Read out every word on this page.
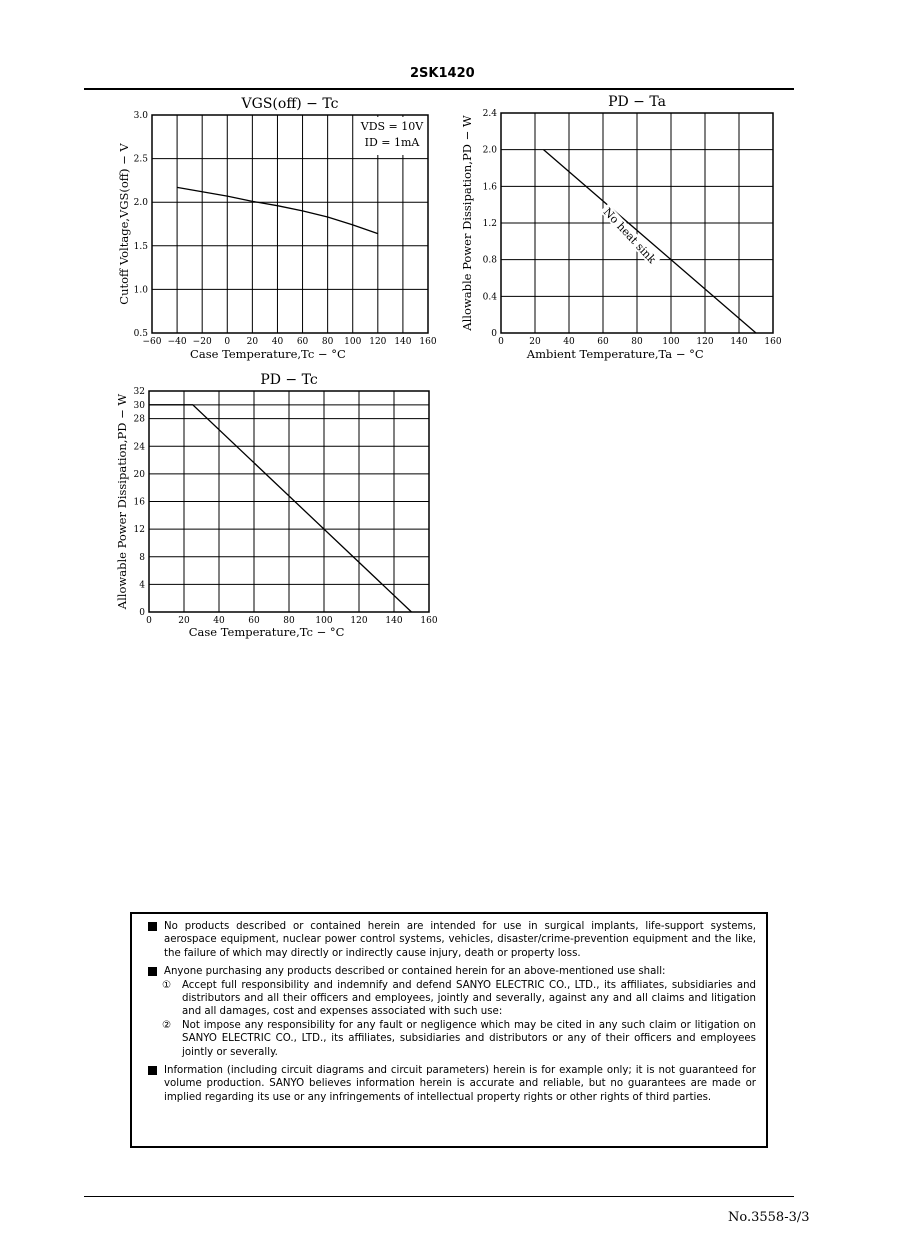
2SK1420
VGS(off) − Tc
−60 −40 −20 0 20 40 60 80 100 120 140 160
0.5
1.0
1.5
2.0
2.5
3.0
Case Temperature,Tc − °C
Cutoff Voltage,VGS(off) − V
VDS = 10V
ID = 1mA
PD − Ta
0	20	40	60	80 100 120 140 160
0
0.4
0.8
1.2
1.6
2.0
2.4
Ambient Temperature,Ta − °C
Allowable Power Dissipation,PD − W	No heat sink
PD − Tc
0	20	40	60	80 100 120 140 160
0
4
8
12
16
20
24
28
30
32
Case Temperature,Tc − °C
Allowable Power Dissipation,PD − W
No products described or contained herein are intended for use in surgical implants, life-support systems, aerospace equipment, nuclear power control systems, vehicles, disaster/crime-prevention equipment and the like, the failure of which may directly or indirectly cause injury, death or property loss.
Anyone purchasing any products described or contained herein for an above-mentioned use shall:
① Accept full responsibility and indemnify and defend SANYO ELECTRIC CO., LTD., its affiliates, subsidiaries and distributors and all their officers and employees, jointly and severally, against any and all claims and litigation and all damages, cost and expenses associated with such use:
② Not impose any responsibility for any fault or negligence which may be cited in any such claim or litigation on SANYO ELECTRIC CO., LTD., its affiliates, subsidiaries and distributors or any of their officers and employees jointly or severally.
Information (including circuit diagrams and circuit parameters) herein is for example only; it is not guaranteed for volume production. SANYO believes information herein is accurate and reliable, but no guarantees are made or implied regarding its use or any infringements of intellectual property rights or other rights of third parties.
No.3558-3/3
